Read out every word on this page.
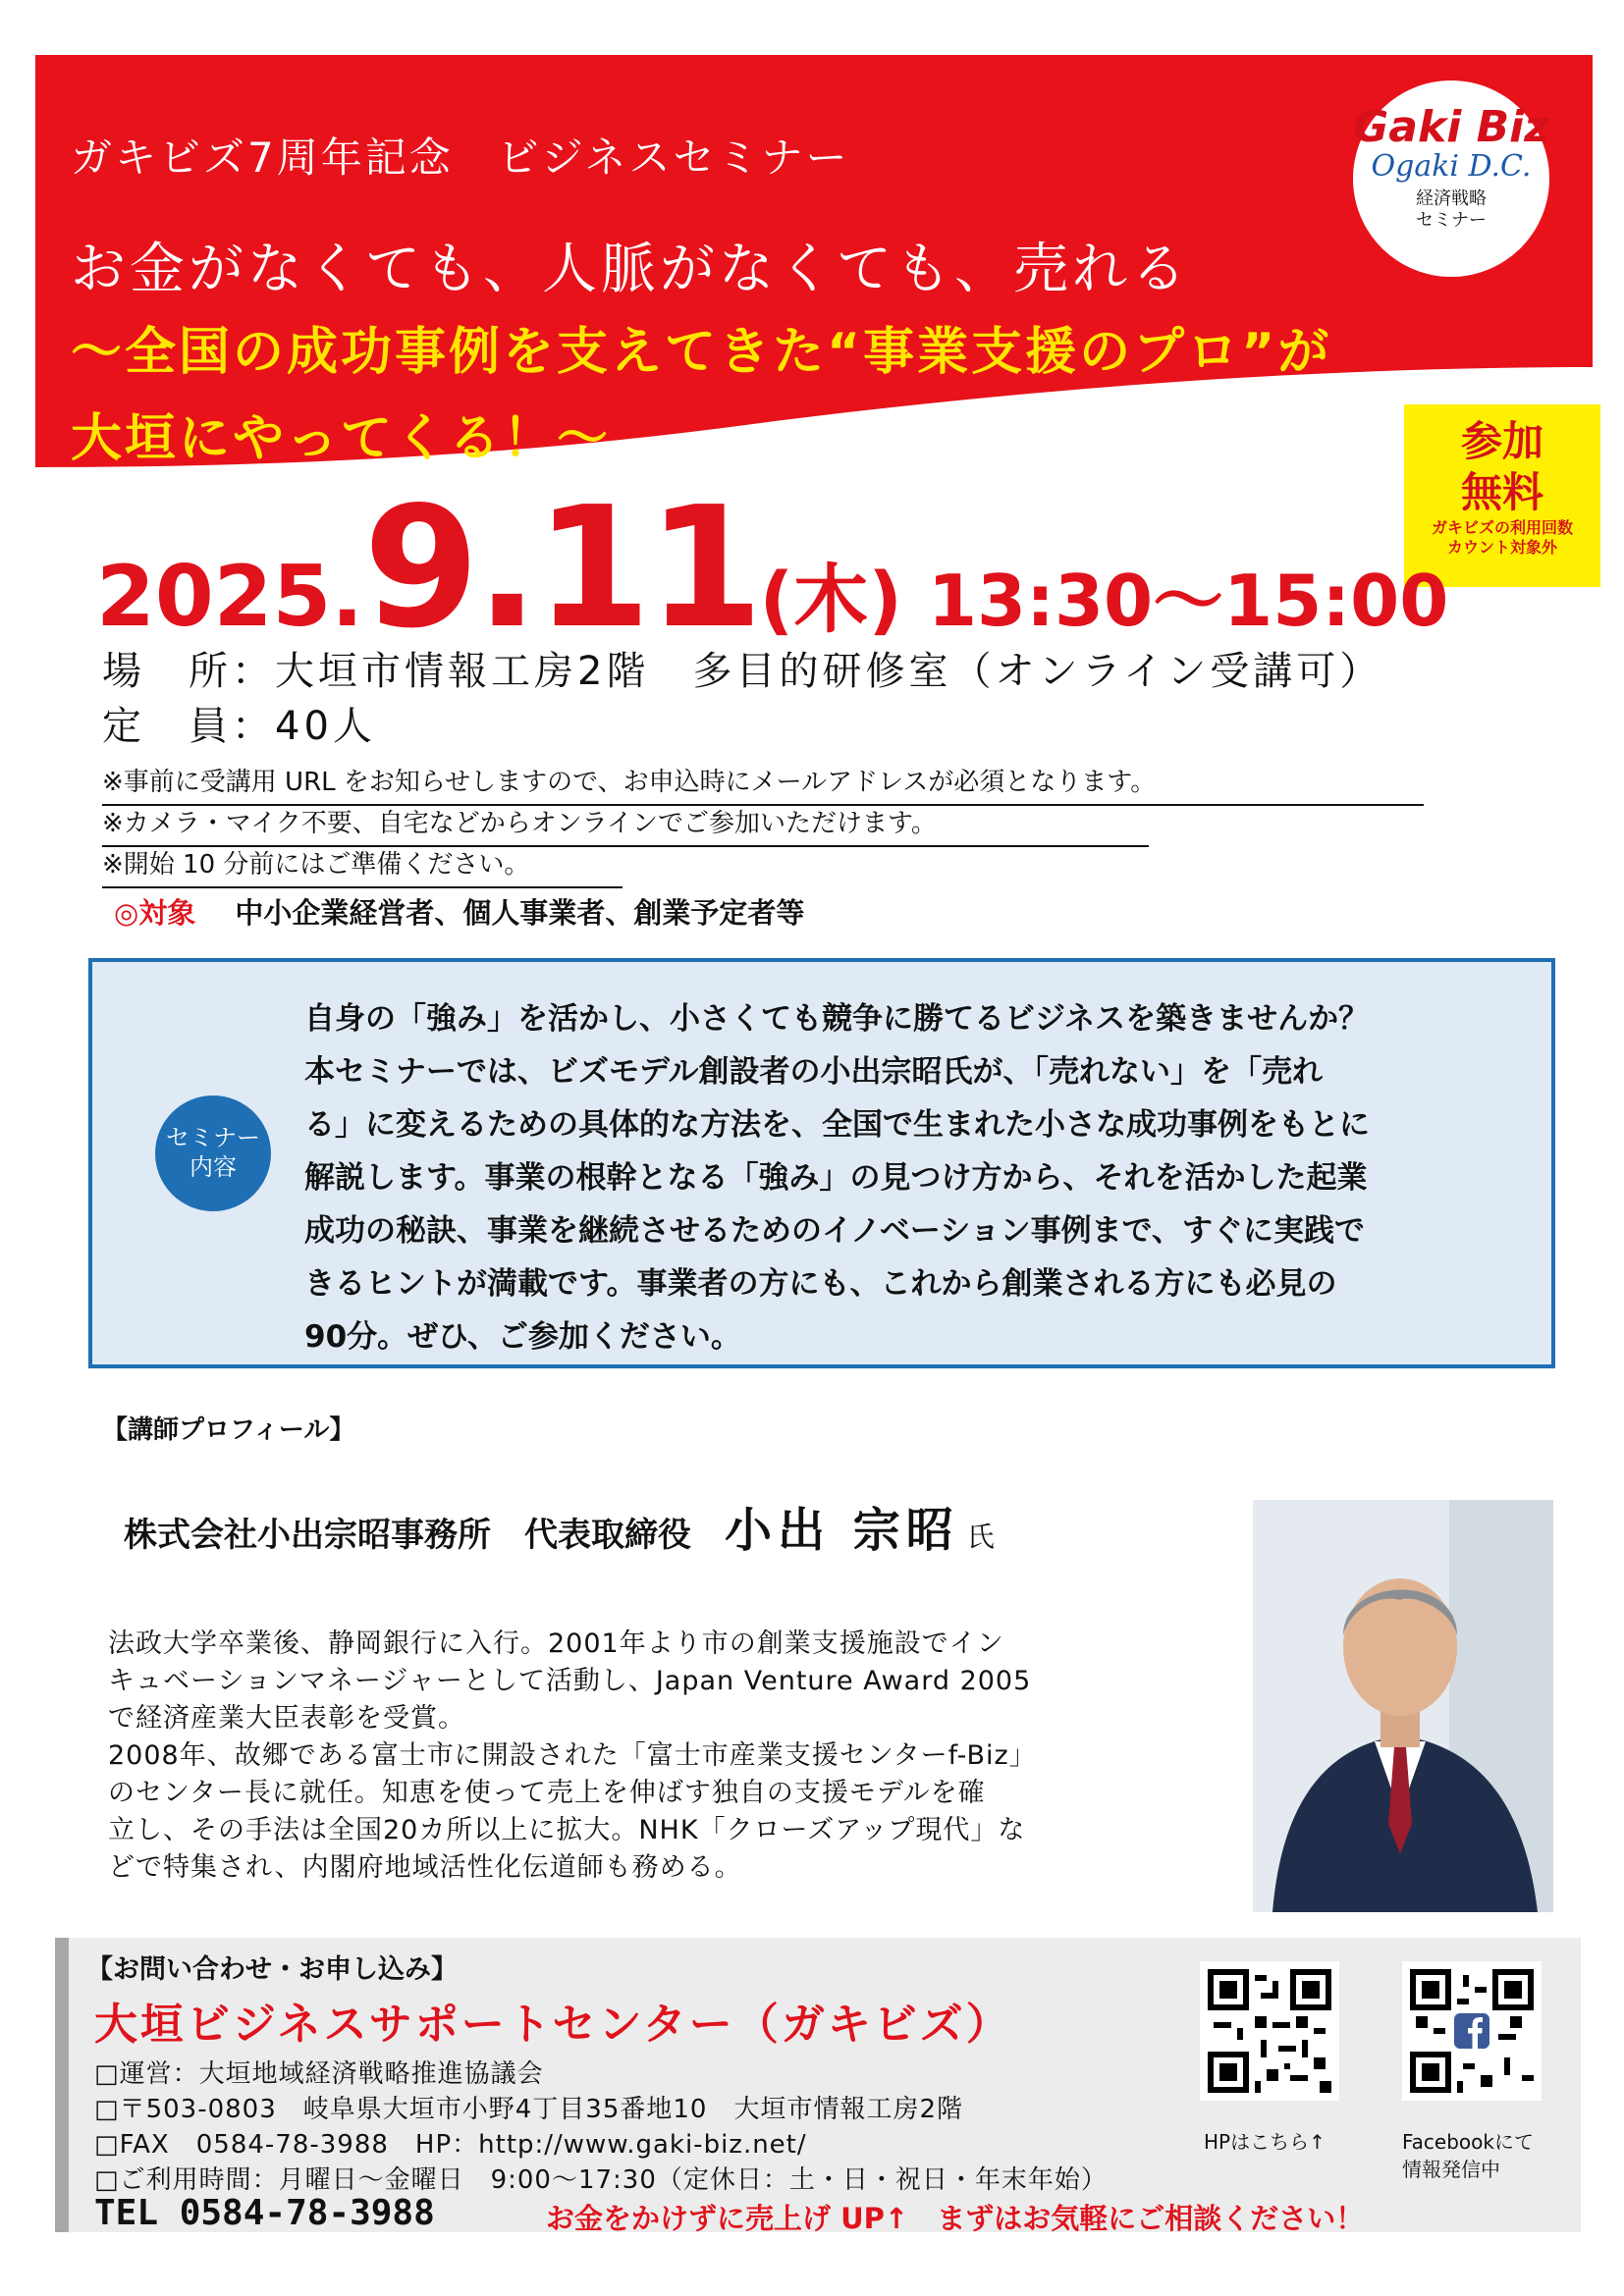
ガキビズ7周年記念　ビジネスセミナー
お金がなくても、人脈がなくても、売れる
～全国の成功事例を支えてきた“事業支援のプロ”が
大垣にやってくる！～
Gaki Biz
Ogaki D.C.
経済戦略
セミナー
参加
無料
ガキビズの利用回数
カウント対象外
2025.9.11(木) 13:30～15:00
場　所：大垣市情報工房2階　多目的研修室（オンライン受講可）
定　員：40人
※事前に受講用 URL をお知らせしますので、お申込時にメールアドレスが必須となります。
※カメラ・マイク不要、自宅などからオンラインでご参加いただけます。
※開始 10 分前にはご準備ください。
◎対象 中小企業経営者、個人事業者、創業予定者等
セミナー
内容
自身の「強み」を活かし、小さくても競争に勝てるビジネスを築きませんか？
本セミナーでは、ビズモデル創設者の小出宗昭氏が、「売れない」を「売れ
る」に変えるための具体的な方法を、全国で生まれた小さな成功事例をもとに
解説します。事業の根幹となる「強み」の見つけ方から、それを活かした起業
成功の秘訣、事業を継続させるためのイノベーション事例まで、すぐに実践で
きるヒントが満載です。事業者の方にも、これから創業される方にも必見の
90分。ぜひ、ご参加ください。
【講師プロフィール】
株式会社小出宗昭事務所　代表取締役 小出 宗昭 氏
法政大学卒業後、静岡銀行に入行。2001年より市の創業支援施設でイン
キュベーションマネージャーとして活動し、Japan Venture Award 2005
で経済産業大臣表彰を受賞。
2008年、故郷である富士市に開設された「富士市産業支援センターf-Biz」
のセンター長に就任。知恵を使って売上を伸ばす独自の支援モデルを確
立し、その手法は全国20カ所以上に拡大。NHK「クローズアップ現代」な
どで特集され、内閣府地域活性化伝道師も務める。
【お問い合わせ・お申し込み】
大垣ビジネスサポートセンター（ガキビズ）
□運営：大垣地域経済戦略推進協議会
□〒503-0803　岐阜県大垣市小野4丁目35番地10　大垣市情報工房2階
□FAX　0584-78-3988　HP：http://www.gaki-biz.net/
□ご利用時間：月曜日～金曜日　9:00～17:30（定休日：土・日・祝日・年末年始）
TEL 0584-78-3988	お金をかけずに売上げ UP↑　まずはお気軽にご相談ください！
HPはこちら↑	Facebookにて
情報発信中
